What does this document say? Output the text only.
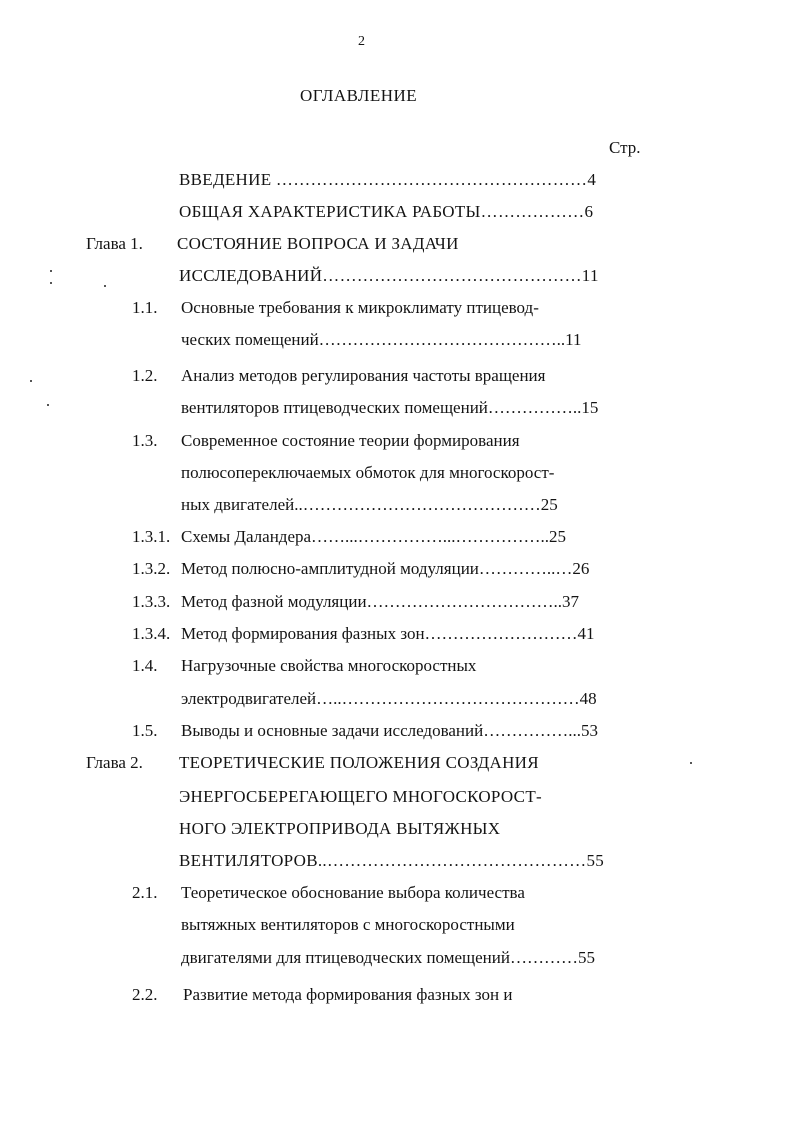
2
ОГЛАВЛЕНИЕ
Стр.
ВВЕДЕНИЕ ………………………………………………4
ОБЩАЯ ХАРАКТЕРИСТИКА РАБОТЫ………………6
Глава 1. СОСТОЯНИЕ ВОПРОСА И ЗАДАЧИ
ИССЛЕДОВАНИЙ………………………………………11
1.1. Основные требования к микроклимату птицевод-
ческих помещений……………………………………..11
1.2. Анализ методов регулирования частоты вращения
вентиляторов птицеводческих помещений……………..15
1.3. Современное состояние теории формирования
полюсопереключаемых обмоток для многоскорост-
ных двигателей..……………………………………25
1.3.1. Схемы Даландера……...……………...……………..25
1.3.2. Метод полюсно-амплитудной модуляции…………..…26
1.3.3. Метод фазной модуляции……………………………..37
1.3.4. Метод формирования фазных зон………………………41
1.4. Нагрузочные свойства многоскоростных
электродвигателей…..……………………………………48
1.5. Выводы и основные задачи исследований……………...53
Глава 2. ТЕОРЕТИЧЕСКИЕ ПОЛОЖЕНИЯ СОЗДАНИЯ
ЭНЕРГОСБЕРЕГАЮЩЕГО МНОГОСКОРОСТ-
НОГО ЭЛЕКТРОПРИВОДА ВЫТЯЖНЫХ
ВЕНТИЛЯТОРОВ..………………………………………55
2.1. Теоретическое обоснование выбора количества
вытяжных вентиляторов с многоскоростными
двигателями для птицеводческих помещений…………55
2.2. Развитие метода формирования фазных зон и
